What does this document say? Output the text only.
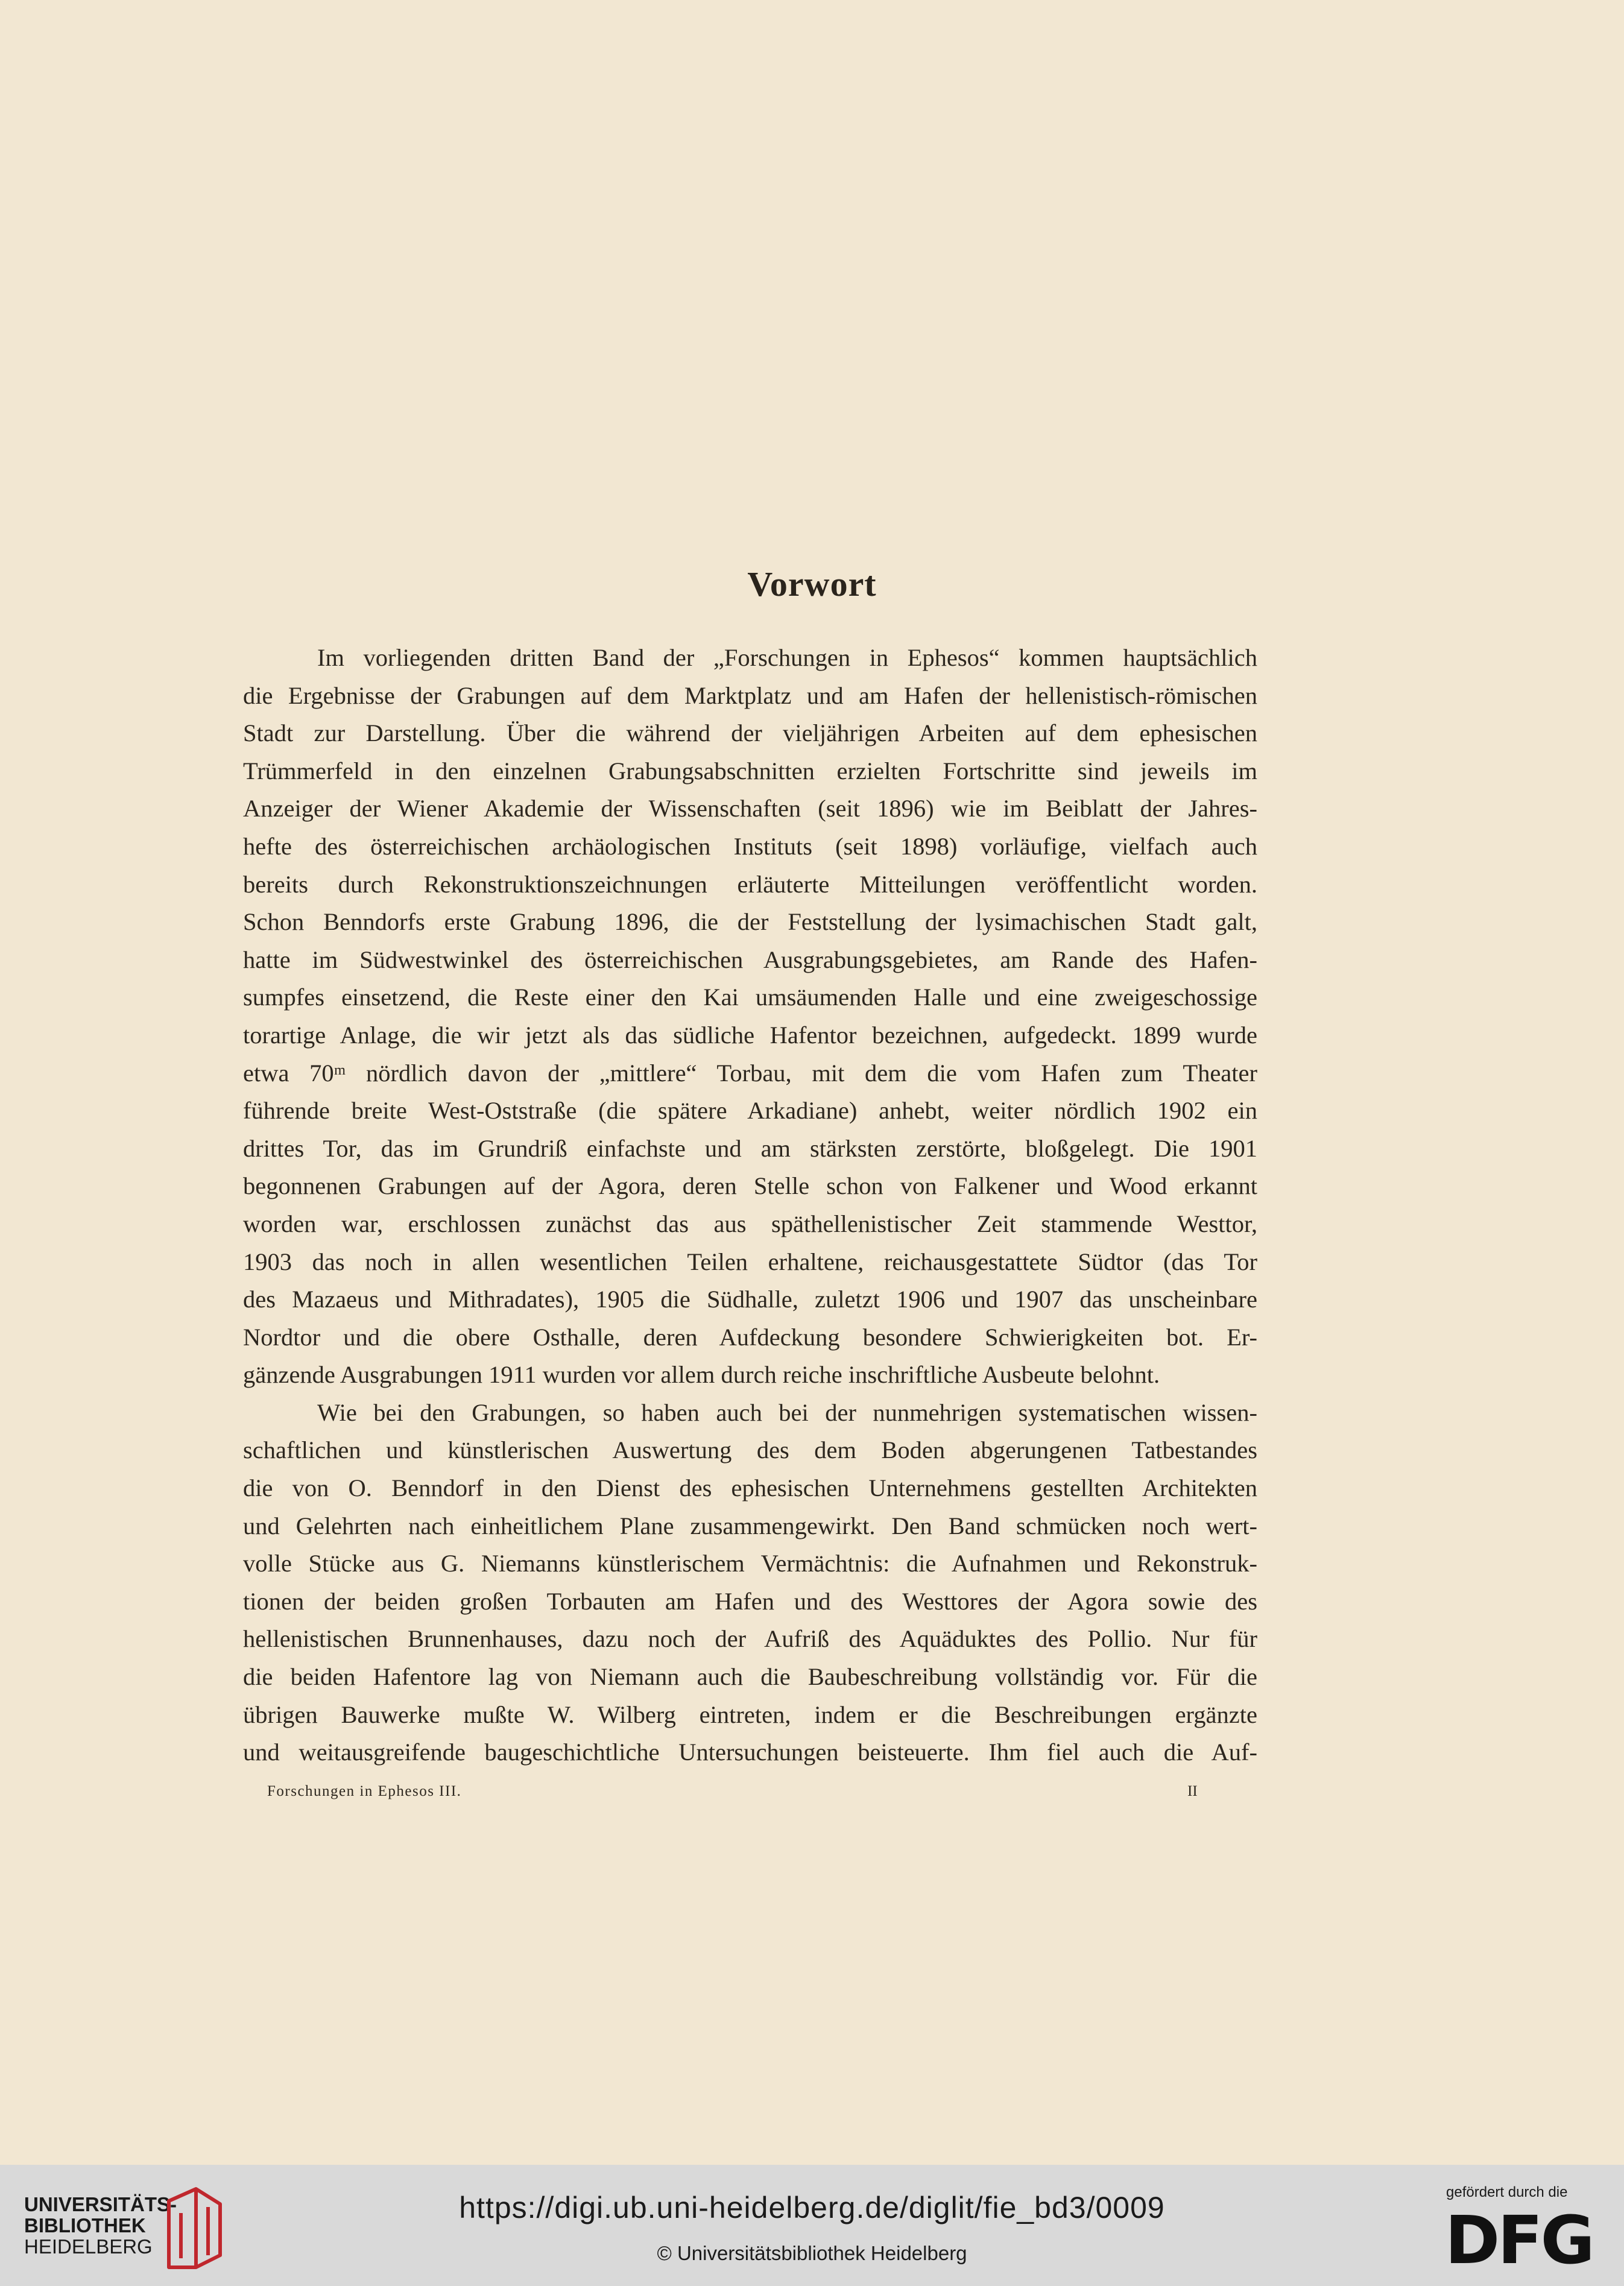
Vorwort
Im vorliegenden dritten Band der „Forschungen in Ephesos“ kommen hauptsächlich
die Ergebnisse der Grabungen auf dem Marktplatz und am Hafen der hellenistisch-römischen
Stadt zur Darstellung. Über die während der vieljährigen Arbeiten auf dem ephesischen
Trümmerfeld in den einzelnen Grabungsabschnitten erzielten Fortschritte sind jeweils im
Anzeiger der Wiener Akademie der Wissenschaften (seit 1896) wie im Beiblatt der Jahres-
hefte des österreichischen archäologischen Instituts (seit 1898) vorläufige, vielfach auch
bereits durch Rekonstruktionszeichnungen erläuterte Mitteilungen veröffentlicht worden.
Schon Benndorfs erste Grabung 1896, die der Feststellung der lysimachischen Stadt galt,
hatte im Südwestwinkel des österreichischen Ausgrabungsgebietes, am Rande des Hafen-
sumpfes einsetzend, die Reste einer den Kai umsäumenden Halle und eine zweigeschossige
torartige Anlage, die wir jetzt als das südliche Hafentor bezeichnen, aufgedeckt. 1899 wurde
etwa 70ᵐ nördlich davon der „mittlere“ Torbau, mit dem die vom Hafen zum Theater
führende breite West-Oststraße (die spätere Arkadiane) anhebt, weiter nördlich 1902 ein
drittes Tor, das im Grundriß einfachste und am stärksten zerstörte, bloßgelegt. Die 1901
begonnenen Grabungen auf der Agora, deren Stelle schon von Falkener und Wood erkannt
worden war, erschlossen zunächst das aus späthellenistischer Zeit stammende Westtor,
1903 das noch in allen wesentlichen Teilen erhaltene, reichausgestattete Südtor (das Tor
des Mazaeus und Mithradates), 1905 die Südhalle, zuletzt 1906 und 1907 das unscheinbare
Nordtor und die obere Osthalle, deren Aufdeckung besondere Schwierigkeiten bot. Er-
gänzende Ausgrabungen 1911 wurden vor allem durch reiche inschriftliche Ausbeute belohnt.
Wie bei den Grabungen, so haben auch bei der nunmehrigen systematischen wissen-
schaftlichen und künstlerischen Auswertung des dem Boden abgerungenen Tatbestandes
die von O. Benndorf in den Dienst des ephesischen Unternehmens gestellten Architekten
und Gelehrten nach einheitlichem Plane zusammengewirkt. Den Band schmücken noch wert-
volle Stücke aus G. Niemanns künstlerischem Vermächtnis: die Aufnahmen und Rekonstruk-
tionen der beiden großen Torbauten am Hafen und des Westtores der Agora sowie des
hellenistischen Brunnenhauses, dazu noch der Aufriß des Aquäduktes des Pollio. Nur für
die beiden Hafentore lag von Niemann auch die Baubeschreibung vollständig vor. Für die
übrigen Bauwerke mußte W. Wilberg eintreten, indem er die Beschreibungen ergänzte
und weitausgreifende baugeschichtliche Untersuchungen beisteuerte. Ihm fiel auch die Auf-
Forschungen in Ephesos III.	II
UNIVERSITÄTS-
BIBLIOTHEK
HEIDELBERG
https://digi.ub.uni-heidelberg.de/diglit/fie_bd3/0009
© Universitätsbibliothek Heidelberg
gefördert durch die
DFG
